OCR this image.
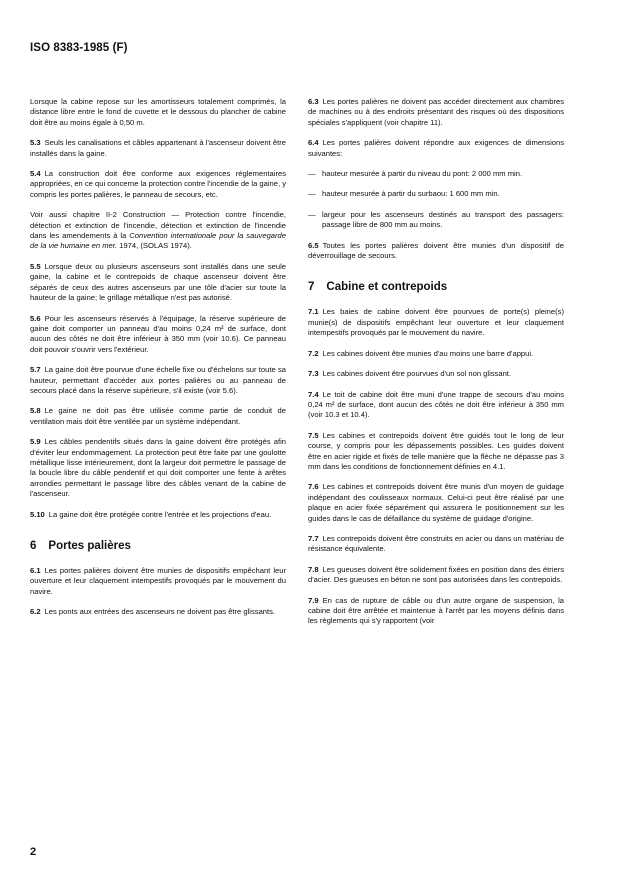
ISO 8383-1985 (F)

Lorsque la cabine repose sur les amortisseurs totalement comprimés, la distance libre entre le fond de cuvette et le dessous du plancher de cabine doit être au moins égale à 0,50 m.

5.3 Seuls les canalisations et câbles appartenant à l'ascenseur doivent être installés dans la gaine.

5.4 La construction doit être conforme aux exigences réglementaires appropriées, en ce qui concerne la protection contre l'incendie de la gaine, y compris les portes palières, le panneau de secours, etc.

Voir aussi chapitre II-2 Construction — Protection contre l'incendie, détection et extinction de l'incendie, détection et extinction de l'incendie dans les amendements à la Convention internationale pour la sauvegarde de la vie humaine en mer. 1974, (SOLAS 1974).

5.5 Lorsque deux ou plusieurs ascenseurs sont installés dans une seule gaine, la cabine et le contrepoids de chaque ascenseur doivent être séparés de ceux des autres ascenseurs par une tôle d'acier sur toute la hauteur de la gaine; le grillage métallique n'est pas autorisé.

5.6 Pour les ascenseurs réservés à l'équipage, la réserve supérieure de gaine doit comporter un panneau d'au moins 0,24 m² de surface, dont aucun des côtés ne doit être inférieur à 350 mm (voir 10.6). Ce panneau doit pouvoir s'ouvrir vers l'extérieur.

5.7 La gaine doit être pourvue d'une échelle fixe ou d'échelons sur toute sa hauteur, permettant d'accéder aux portes palières ou au panneau de secours placé dans la réserve supérieure, s'il existe (voir 5.6).

5.8 Le gaine ne doit pas être utilisée comme partie de conduit de ventilation mais doit être ventilée par un système indépendant.

5.9 Les câbles pendentifs situés dans la gaine doivent être protégés afin d'éviter leur endommagement. La protection peut être faite par une goulotte métallique lisse intérieurement, dont la largeur doit permettre le passage de la boucle libre du câble pendentif et qui doit comporter une fente à arêtes arrondies permettant le passage libre des câbles venant de la cabine de l'ascenseur.

5.10 La gaine doit être protégée contre l'entrée et les projections d'eau.

6 Portes palières

6.1 Les portes palières doivent être munies de dispositifs empêchant leur ouverture et leur claquement intempestifs provoqués par le mouvement du navire.

6.2 Les ponts aux entrées des ascenseurs ne doivent pas être glissants.

6.3 Les portes palières ne doivent pas accéder directement aux chambres de machines ou à des endroits présentant des risques où des dispositions spéciales s'appliquent (voir chapitre 11).

6.4 Les portes palières doivent répondre aux exigences de dimensions suivantes:

— hauteur mesurée à partir du niveau du pont: 2 000 mm min.
— hauteur mesurée à partir du surbaou: 1 600 mm min.
— largeur pour les ascenseurs destinés au transport des passagers: passage libre de 800 mm au moins.

6.5 Toutes les portes palières doivent être munies d'un dispositif de déverrouillage de secours.

7 Cabine et contrepoids

7.1 Les baies de cabine doivent être pourvues de porte(s) pleine(s) munie(s) de dispositifs empêchant leur ouverture et leur claquement intempestifs provoqués par le mouvement du navire.

7.2 Les cabines doivent être munies d'au moins une barre d'appui.

7.3 Les cabines doivent être pourvues d'un sol non glissant.

7.4 Le toit de cabine doit être muni d'une trappe de secours d'au moins 0,24 m² de surface, dont aucun des côtés ne doit être inférieur à 350 mm (voir 10.3 et 10.4).

7.5 Les cabines et contrepoids doivent être guidés tout le long de leur course, y compris pour les dépassements possibles. Les guides doivent être en acier rigide et fixés de telle manière que la flèche ne dépasse pas 3 mm dans les conditions de fonctionnement définies en 4.1.

7.6 Les cabines et contrepoids doivent être munis d'un moyen de guidage indépendant des coulisseaux normaux. Celui-ci peut être réalisé par une plaque en acier fixée séparément qui assurera le positionnement sur les guides dans le cas de défaillance du système de guidage d'origine.

7.7 Les contrepoids doivent être construits en acier ou dans un matériau de résistance équivalente.

7.8 Les gueuses doivent être solidement fixées en position dans des étriers d'acier. Des gueuses en béton ne sont pas autorisées dans les contrepoids.

7.9 En cas de rupture de câble ou d'un autre organe de suspension, la cabine doit être arrêtée et maintenue à l'arrêt par les moyens définis dans les règlements qui s'y rapportent (voir

2
